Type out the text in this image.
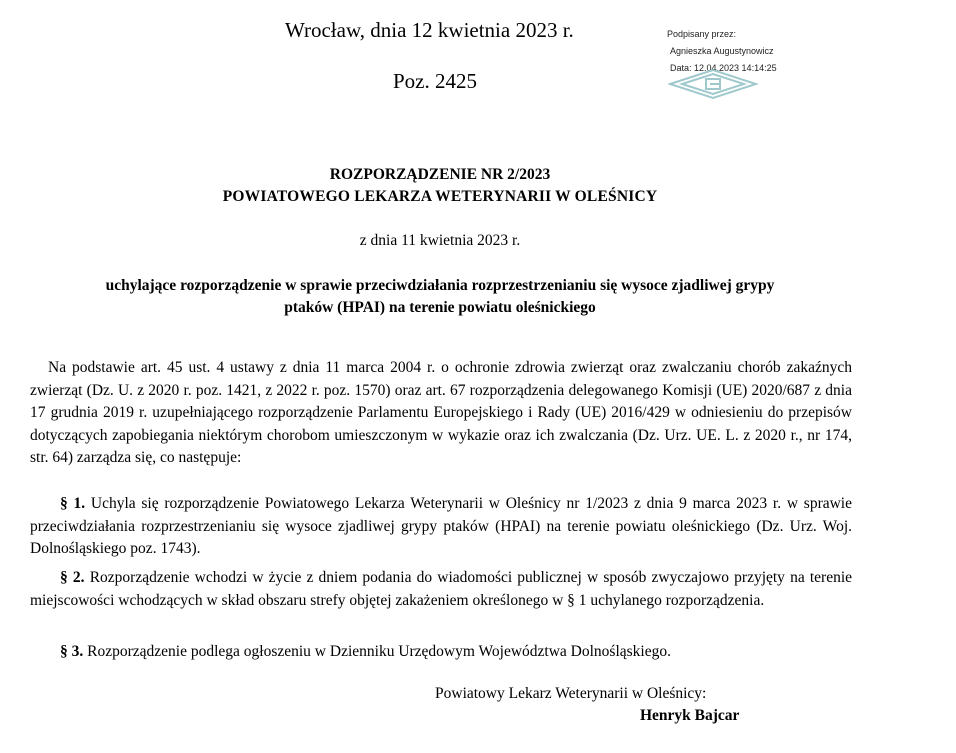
Wrocław, dnia 12 kwietnia 2023 r.
Poz. 2425
Podpisany przez:
Agnieszka Augustynowicz
Data: 12.04.2023 14:14:25
ROZPORZĄDZENIE NR 2/2023
POWIATOWEGO LEKARZA WETERYNARII W OLEŚNICY
z dnia 11 kwietnia 2023 r.
uchylające rozporządzenie w sprawie przeciwdziałania rozprzestrzenianiu się wysoce zjadliwej grypy
ptaków (HPAI) na terenie powiatu oleśnickiego
Na podstawie art. 45 ust. 4 ustawy z dnia 11 marca 2004 r. o ochronie zdrowia zwierząt oraz zwalczaniu chorób zakaźnych zwierząt (Dz. U. z 2020 r. poz. 1421, z 2022 r. poz. 1570) oraz art. 67 rozporządzenia delegowanego Komisji (UE) 2020/687 z dnia 17 grudnia 2019 r. uzupełniającego rozporządzenie Parlamentu Europejskiego i Rady (UE) 2016/429 w odniesieniu do przepisów dotyczących zapobiegania niektórym chorobom umieszczonym w wykazie oraz ich zwalczania (Dz. Urz. UE. L. z 2020 r., nr 174, str. 64) zarządza się, co następuje:
§ 1. Uchyla się rozporządzenie Powiatowego Lekarza Weterynarii w Oleśnicy nr 1/2023 z dnia 9 marca 2023 r. w sprawie przeciwdziałania rozprzestrzenianiu się wysoce zjadliwej grypy ptaków (HPAI) na terenie powiatu oleśnickiego (Dz. Urz. Woj. Dolnośląskiego poz. 1743).
§ 2. Rozporządzenie wchodzi w życie z dniem podania do wiadomości publicznej w sposób zwyczajowo przyjęty na terenie miejscowości wchodzących w skład obszaru strefy objętej zakażeniem określonego w § 1 uchylanego rozporządzenia.
§ 3. Rozporządzenie podlega ogłoszeniu w Dzienniku Urzędowym Województwa Dolnośląskiego.
Powiatowy Lekarz Weterynarii w Oleśnicy:
Henryk Bajcar
